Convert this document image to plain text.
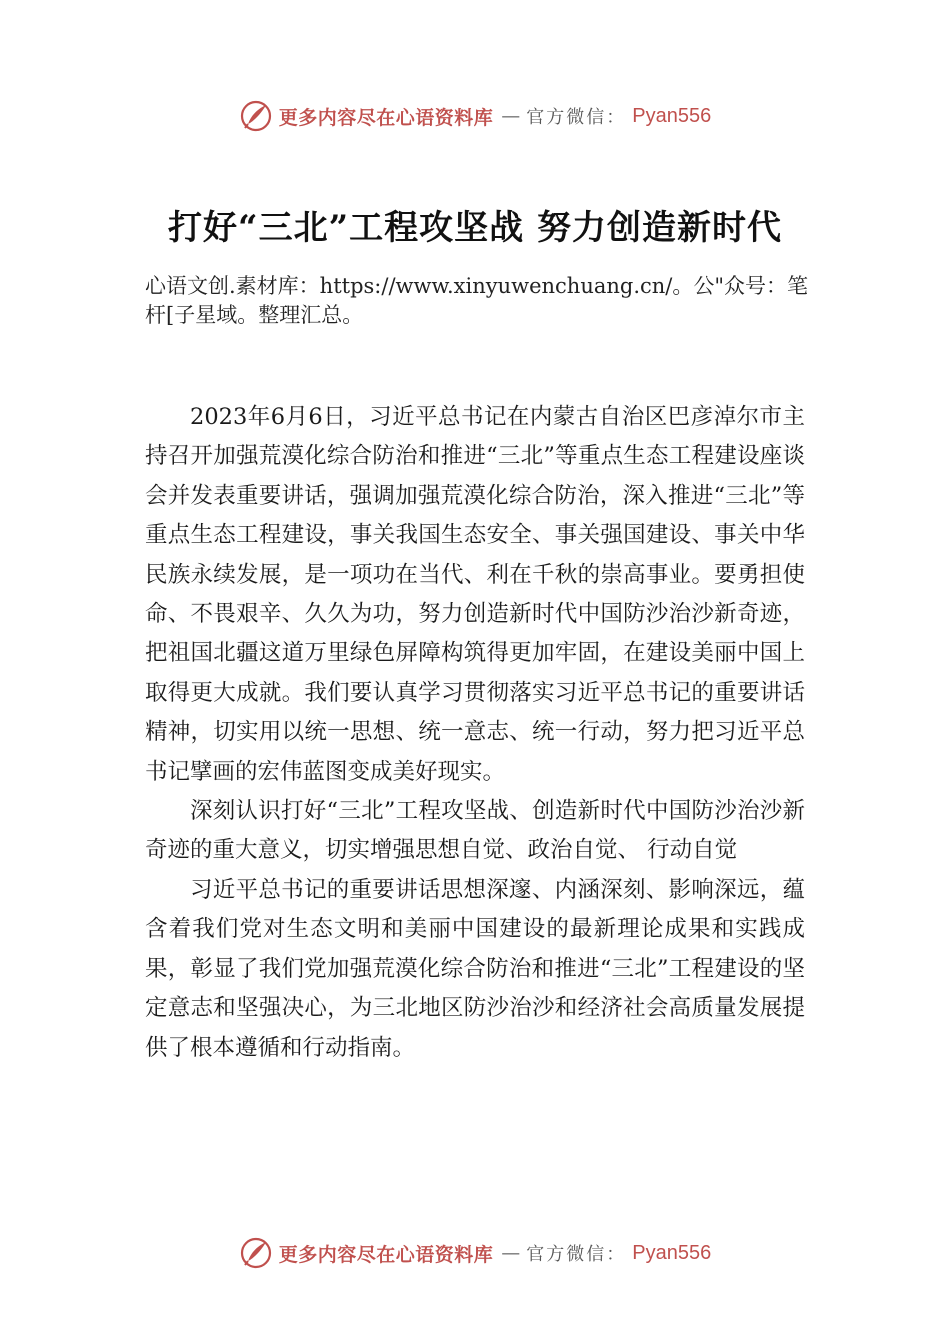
更多内容尽在心语资料库 — 官方微信： Pyan556
打好“三北”工程攻坚战 努力创造新时代
心语文创.素材库：https://www.xinyuwenchuang.cn/。公"众号：笔杆[子星域。整理汇总。

2023年6月6日，习近平总书记在内蒙古自治区巴彦淖尔市主持召开加强荒漠化综合防治和推进“三北”等重点生态工程建设座谈会并发表重要讲话，强调加强荒漠化综合防治，深入推进“三北”等重点生态工程建设，事关我国生态安全、事关强国建设、事关中华民族永续发展，是一项功在当代、利在千秋的崇高事业。要勇担使命、不畏艰辛、久久为功，努力创造新时代中国防沙治沙新奇迹，把祖国北疆这道万里绿色屏障构筑得更加牢固，在建设美丽中国上取得更大成就。我们要认真学习贯彻落实习近平总书记的重要讲话精神，切实用以统一思想、统一意志、统一行动，努力把习近平总书记擘画的宏伟蓝图变成美好现实。

深刻认识打好“三北”工程攻坚战、创造新时代中国防沙治沙新奇迹的重大意义，切实增强思想自觉、政治自觉、 行动自觉

习近平总书记的重要讲话思想深邃、内涵深刻、影响深远，蕴含着我们党对生态文明和美丽中国建设的最新理论成果和实践成果，彰显了我们党加强荒漠化综合防治和推进“三北”工程建设的坚定意志和坚强决心，为三北地区防沙治沙和经济社会高质量发展提供了根本遵循和行动指南。

更多内容尽在心语资料库 — 官方微信： Pyan556
